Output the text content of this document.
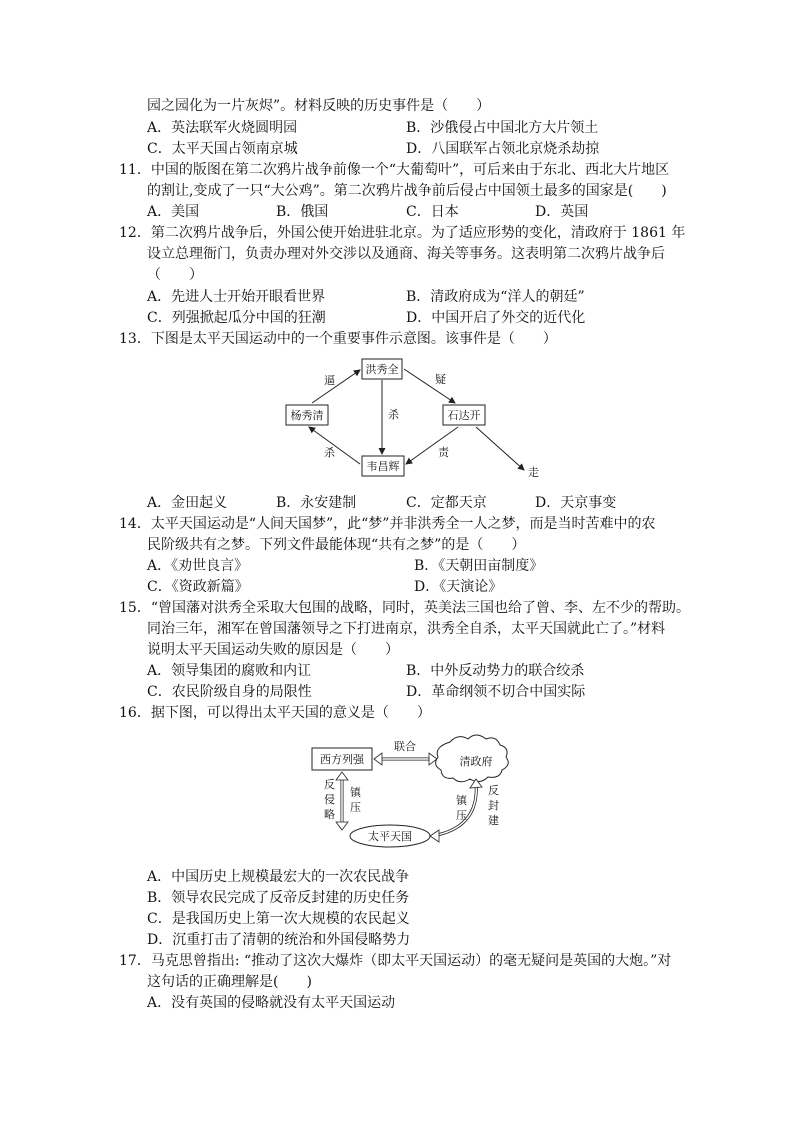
园之园化为一片灰烬”。材料反映的历史事件是（　　）
A．英法联军火烧圆明园	B．沙俄侵占中国北方大片领土
C．太平天国占领南京城	D．八国联军占领北京烧杀劫掠
11．中国的版图在第二次鸦片战争前像一个“大葡萄叶”，可后来由于东北、西北大片地区
的割让,变成了一只“大公鸡”。第二次鸦片战争前后侵占中国领土最多的国家是(　　)
A．美国	B．俄国	C．日本	D．英国
12．第二次鸦片战争后，外国公使开始进驻北京。为了适应形势的变化，清政府于 1861 年
设立总理衙门，负责办理对外交涉以及通商、海关等事务。这表明第二次鸦片战争后
（　　）
A．先进人士开始开眼看世界	B．清政府成为“洋人的朝廷”
C．列强掀起瓜分中国的狂潮	D．中国开启了外交的近代化
13．下图是太平天国运动中的一个重要事件示意图。该事件是（　　）
洪秀全
杨秀清	石达开
韦昌辉
逼	疑
杀
杀	责
走
A．金田起义	B．永安建制	C．定都天京	D．天京事变
14．太平天国运动是“人间天国梦”，此“梦”并非洪秀全一人之梦，而是当时苦难中的农
民阶级共有之梦。下列文件最能体现“共有之梦”的是（　　）
A．《劝世良言》	B．《天朝田亩制度》
C．《资政新篇》	D．《天演论》
15．“曾国藩对洪秀全采取大包围的战略，同时，英美法三国也给了曾、李、左不少的帮助。
同治三年，湘军在曾国藩领导之下打进南京，洪秀全自杀，太平天国就此亡了。”材料
说明太平天国运动失败的原因是（　　）
A．领导集团的腐败和内讧	B．中外反动势力的联合绞杀
C．农民阶级自身的局限性	D．革命纲领不切合中国实际
16．据下图，可以得出太平天国的意义是（　　）
西方列强	清政府
太平天国
联合
反
侵
略
镇
压
镇
压
反
封
建
A．中国历史上规模最宏大的一次农民战争
B．领导农民完成了反帝反封建的历史任务
C．是我国历史上第一次大规模的农民起义
D．沉重打击了清朝的统治和外国侵略势力
17．马克思曾指出: “推动了这次大爆炸（即太平天国运动）的毫无疑问是英国的大炮。”对
这句话的正确理解是(　　)
A．没有英国的侵略就没有太平天国运动
